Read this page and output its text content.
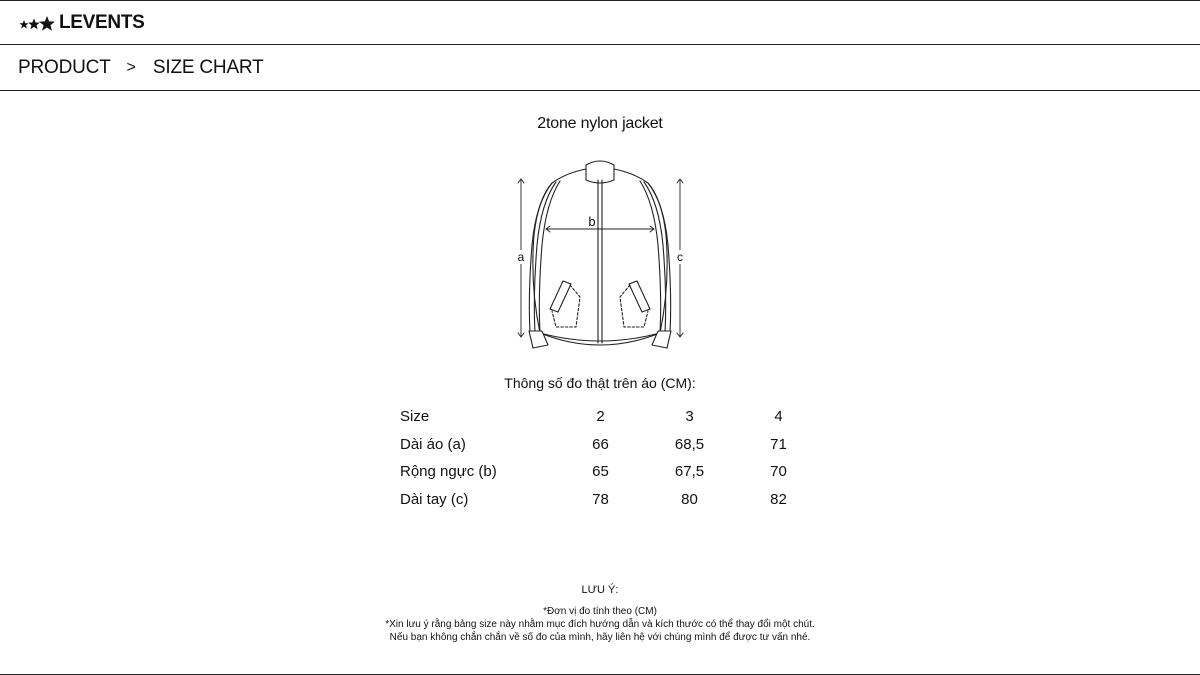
LEVENTS
PRODUCT > SIZE CHART
2tone nylon jacket
a
b
c
Thông số đo thật trên áo (CM):
Size	2	3	4
Dài áo (a)	66	68,5	71
Rộng ngực (b)	65	67,5	70
Dài tay (c)	78	80	82
LƯU Ý:
*Đơn vị đo tính theo (CM)
*Xin lưu ý rằng bảng size này nhằm mục đích hướng dẫn và kích thước có thể thay đổi một chút.
Nếu bạn không chắn chắn về số đo của mình, hãy liên hệ với chúng mình để được tư vấn nhé.
